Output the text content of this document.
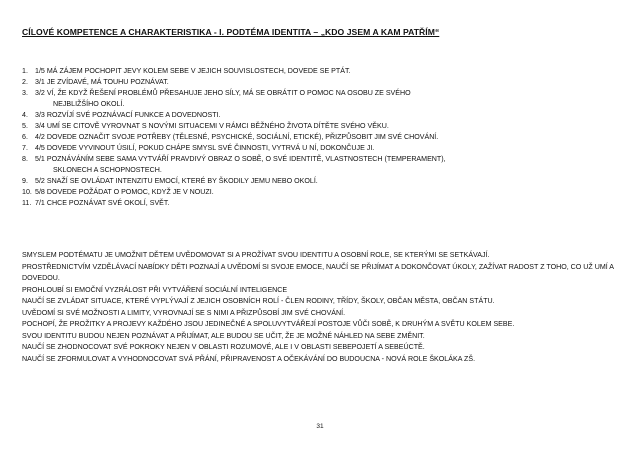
CÍLOVÉ KOMPETENCE A CHARAKTERISTIKA - I. PODTÉMA IDENTITA – „KDO JSEM A KAM PATŘÍM“
1. 1/5 MÁ ZÁJEM POCHOPIT JEVY KOLEM SEBE V JEJICH SOUVISLOSTECH, DOVEDE SE PTÁT.
2. 3/1 JE ZVÍDAVÉ, MÁ TOUHU POZNÁVAT.
3. 3/2 VÍ, ŽE KDYŽ ŘEŠENÍ PROBLÉMŮ PŘESAHUJE JEHO SÍLY, MÁ SE OBRÁTIT O POMOC NA OSOBU ZE SVÉHO
NEJBLIŽŠÍHO OKOLÍ.
4. 3/3 ROZVÍJÍ SVÉ POZNÁVACÍ FUNKCE A DOVEDNOSTI.
5. 3/4 UMÍ SE CITOVĚ VYROVNAT S NOVÝMI SITUACEMI V RÁMCI BĚŽNÉHO ŽIVOTA DÍTĚTE SVÉHO VĚKU.
6. 4/2 DOVEDE OZNAČIT SVOJE POTŘEBY (TĚLESNÉ, PSYCHICKÉ, SOCIÁLNÍ, ETICKÉ), PŘIZPŮSOBIT JIM SVÉ CHOVÁNÍ.
7. 4/5 DOVEDE VYVINOUT ÚSILÍ, POKUD CHÁPE SMYSL SVÉ ČINNOSTI, VYTRVÁ U NÍ, DOKONČUJE JI.
8. 5/1 POZNÁVÁNÍM SEBE SAMA VYTVÁŘÍ PRAVDIVÝ OBRAZ O SOBĚ, O SVÉ IDENTITĚ, VLASTNOSTECH (TEMPERAMENT),
SKLONECH A SCHOPNOSTECH.
9. 5/2 SNAŽÍ SE OVLÁDAT INTENZITU EMOCÍ, KTERÉ BY ŠKODILY JEMU NEBO OKOLÍ.
10. 5/8 DOVEDE POŽÁDAT O POMOC, KDYŽ JE V NOUZI.
11. 7/1 CHCE POZNÁVAT SVÉ OKOLÍ, SVĚT.

SMYSLEM PODTÉMATU JE UMOŽNIT DĚTEM UVĚDOMOVAT SI A PROŽÍVAT SVOU IDENTITU A OSOBNÍ ROLE, SE KTERÝMI SE SETKÁVAJÍ.

PROSTŘEDNICTVÍM VZDĚLÁVACÍ NABÍDKY DĚTI POZNAJÍ A UVĚDOMÍ SI SVOJE EMOCE, NAUČÍ SE PŘIJÍMAT A DOKONČOVAT ÚKOLY, ZAŽÍVAT RADOST Z TOHO, CO UŽ UMÍ A DOVEDOU.

PROHLOUBÍ SI EMOČNÍ VYZRÁLOST PŘI VYTVÁŘENÍ SOCIÁLNÍ INTELIGENCE

NAUČÍ SE ZVLÁDAT SITUACE, KTERÉ VYPLÝVAJÍ Z JEJICH OSOBNÍCH ROLÍ - ČLEN RODINY, TŘÍDY, ŠKOLY, OBČAN MĚSTA, OBČAN STÁTU.

UVĚDOMÍ SI SVÉ MOŽNOSTI A LIMITY, VYROVNAJÍ SE S NIMI A PŘIZPŮSOBÍ JIM SVÉ CHOVÁNÍ.

POCHOPÍ, ŽE PROŽITKY A PROJEVY KAŽDÉHO JSOU JEDINEČNÉ A SPOLUVYTVÁŘEJÍ POSTOJE VŮČI SOBĚ, K DRUHÝM A SVĚTU KOLEM SEBE.

SVOU IDENTITU BUDOU NEJEN POZNÁVAT A PŘIJÍMAT, ALE BUDOU SE UČIT, ŽE JE MOŽNÉ NÁHLED NA SEBE ZMĚNIT.

NAUČÍ SE ZHODNOCOVAT SVÉ POKROKY NEJEN V OBLASTI ROZUMOVÉ, ALE I V OBLASTI SEBEPOJETÍ A SEBEÚCTĚ.

NAUČÍ SE ZFORMULOVAT A VYHODNOCOVAT SVÁ PŘÁNÍ, PŘIPRAVENOST A OČEKÁVÁNÍ DO BUDOUCNA - NOVÁ ROLE ŠKOLÁKA ZŠ.

31
